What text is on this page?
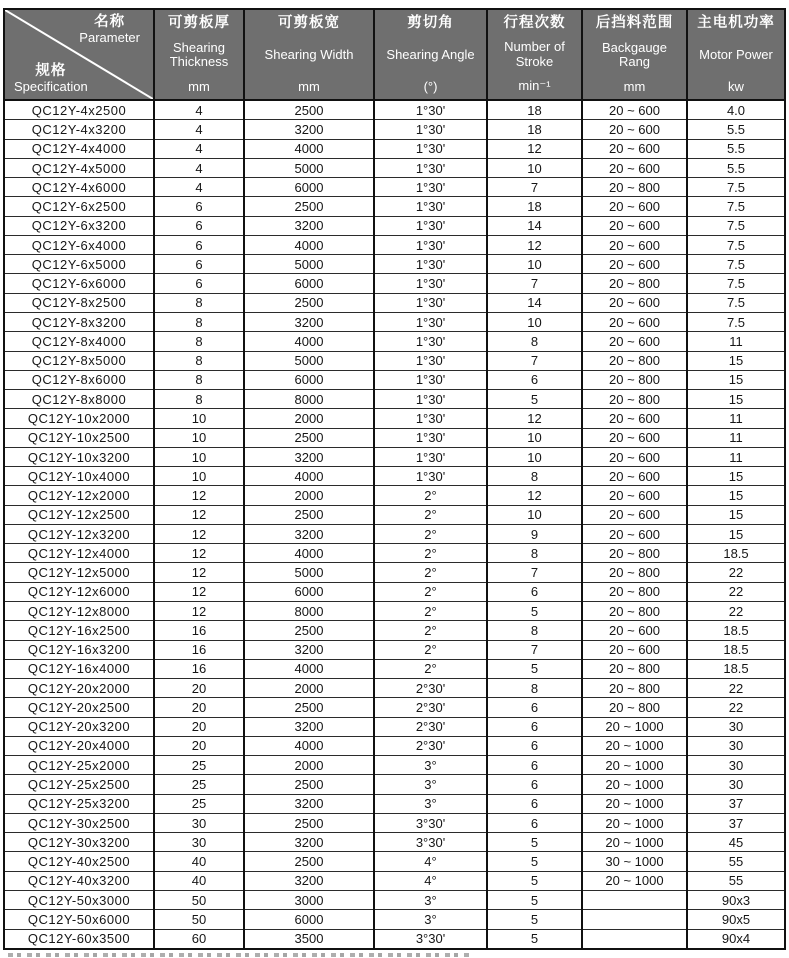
名称
Parameter
规格
Specification

可剪板厚
Shearing Thickness
mm

可剪板宽
Shearing Width
mm

剪切角
Shearing Angle
(°)

行程次数
Number of Stroke
min⁻¹

后挡料范围
Backgauge Rang
mm

主电机功率
Motor Power
kw

QC12Y-4x2500	4	2500	1°30'	18	20 ~ 600	4.0
QC12Y-4x3200	4	3200	1°30'	18	20 ~ 600	5.5
QC12Y-4x4000	4	4000	1°30'	12	20 ~ 600	5.5
QC12Y-4x5000	4	5000	1°30'	10	20 ~ 600	5.5
QC12Y-4x6000	4	6000	1°30'	7	20 ~ 800	7.5
QC12Y-6x2500	6	2500	1°30'	18	20 ~ 600	7.5
QC12Y-6x3200	6	3200	1°30'	14	20 ~ 600	7.5
QC12Y-6x4000	6	4000	1°30'	12	20 ~ 600	7.5
QC12Y-6x5000	6	5000	1°30'	10	20 ~ 600	7.5
QC12Y-6x6000	6	6000	1°30'	7	20 ~ 800	7.5
QC12Y-8x2500	8	2500	1°30'	14	20 ~ 600	7.5
QC12Y-8x3200	8	3200	1°30'	10	20 ~ 600	7.5
QC12Y-8x4000	8	4000	1°30'	8	20 ~ 600	11
QC12Y-8x5000	8	5000	1°30'	7	20 ~ 800	15
QC12Y-8x6000	8	6000	1°30'	6	20 ~ 800	15
QC12Y-8x8000	8	8000	1°30'	5	20 ~ 800	15
QC12Y-10x2000	10	2000	1°30'	12	20 ~ 600	11
QC12Y-10x2500	10	2500	1°30'	10	20 ~ 600	11
QC12Y-10x3200	10	3200	1°30'	10	20 ~ 600	11
QC12Y-10x4000	10	4000	1°30'	8	20 ~ 600	15
QC12Y-12x2000	12	2000	2°	12	20 ~ 600	15
QC12Y-12x2500	12	2500	2°	10	20 ~ 600	15
QC12Y-12x3200	12	3200	2°	9	20 ~ 600	15
QC12Y-12x4000	12	4000	2°	8	20 ~ 800	18.5
QC12Y-12x5000	12	5000	2°	7	20 ~ 800	22
QC12Y-12x6000	12	6000	2°	6	20 ~ 800	22
QC12Y-12x8000	12	8000	2°	5	20 ~ 800	22
QC12Y-16x2500	16	2500	2°	8	20 ~ 600	18.5
QC12Y-16x3200	16	3200	2°	7	20 ~ 600	18.5
QC12Y-16x4000	16	4000	2°	5	20 ~ 800	18.5
QC12Y-20x2000	20	2000	2°30'	8	20 ~ 800	22
QC12Y-20x2500	20	2500	2°30'	6	20 ~ 800	22
QC12Y-20x3200	20	3200	2°30'	6	20 ~ 1000	30
QC12Y-20x4000	20	4000	2°30'	6	20 ~ 1000	30
QC12Y-25x2000	25	2000	3°	6	20 ~ 1000	30
QC12Y-25x2500	25	2500	3°	6	20 ~ 1000	30
QC12Y-25x3200	25	3200	3°	6	20 ~ 1000	37
QC12Y-30x2500	30	2500	3°30'	6	20 ~ 1000	37
QC12Y-30x3200	30	3200	3°30'	5	20 ~ 1000	45
QC12Y-40x2500	40	2500	4°	5	30 ~ 1000	55
QC12Y-40x3200	40	3200	4°	5	20 ~ 1000	55
QC12Y-50x3000	50	3000	3°	5		90x3
QC12Y-50x6000	50	6000	3°	5		90x5
QC12Y-60x3500	60	3500	3°30'	5		90x4
